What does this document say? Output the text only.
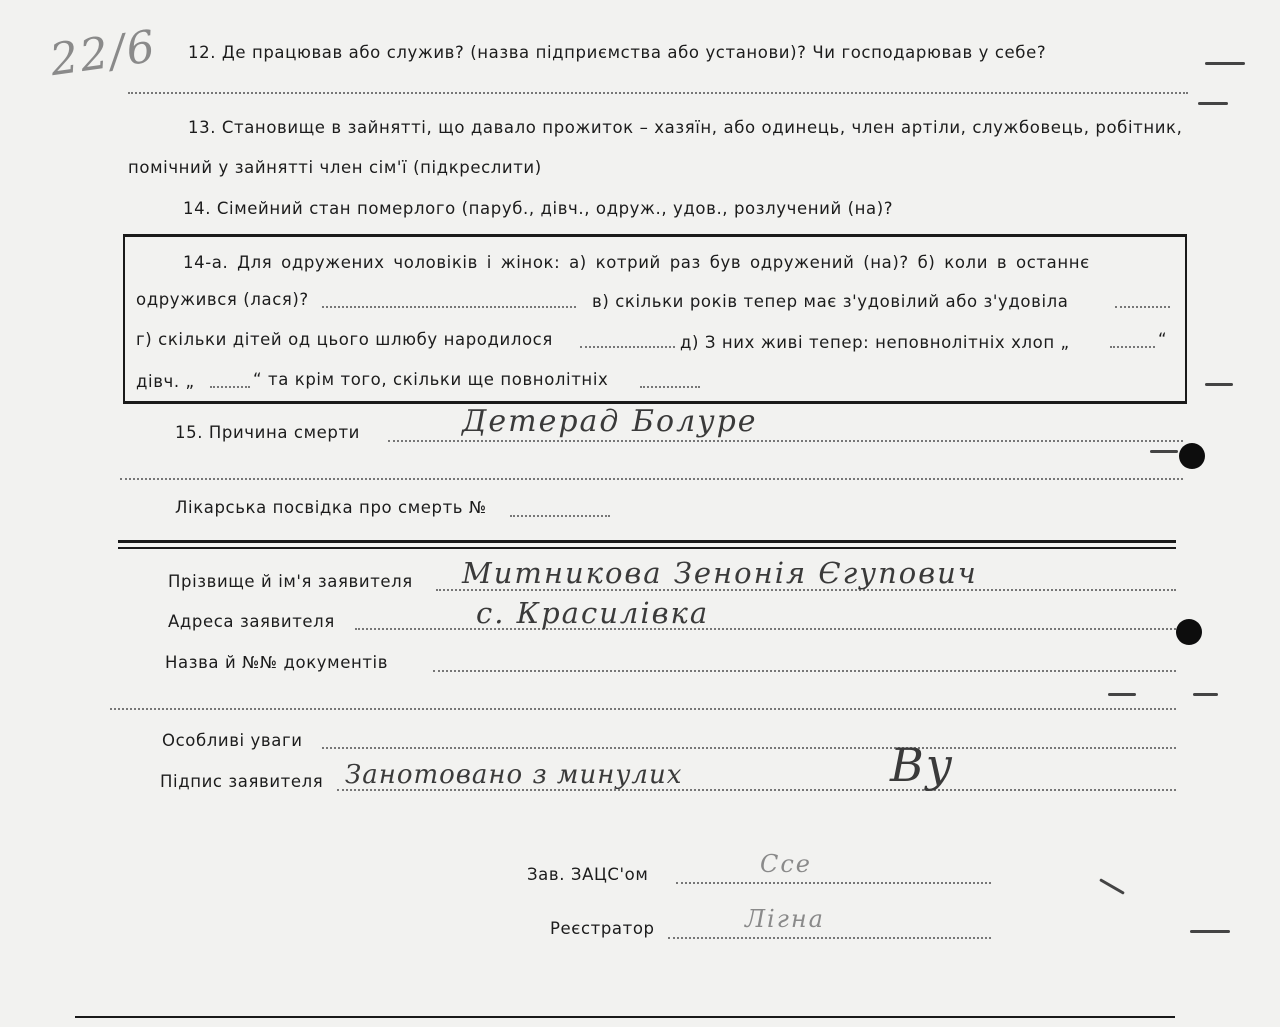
22/6 12. Де працював або служив? (назва підприємства або установи)? Чи господарював у себе?
13. Становище в зайнятті, що давало прожиток – хазяїн, або одинець, член артіли, службовець, робітник,
помічний у зайнятті член сім'ї (підкреслити)
14. Сімейний стан померлого (паруб., дівч., одруж., удов., розлучений (на)?
14-а. Для одружених чоловіків і жінок: а) котрий раз був одружений (на)? б) коли в останнє
одружився (лася)?	в) скільки років тепер має з'удовілий або з'удовіла
г) скільки дітей од цього шлюбу народилося	д) З них живі тепер: неповнолітніх хлоп „	“
дівч. „	“ та крім того, скільки ще повнолітніх
15. Причина смерти	Детерад Болуре
Лікарська посвідка про смерть №
Прізвище й ім'я заявителя Митникова Зенонія Єгупович
Адреса заявителя	с. Красилівка
Назва й №№ документів
Особливі уваги
Підпис заявителя Занотовано з минулих	Ву
Зав. ЗАЦС'ом	Ссе
Реєстратор	Лігна
